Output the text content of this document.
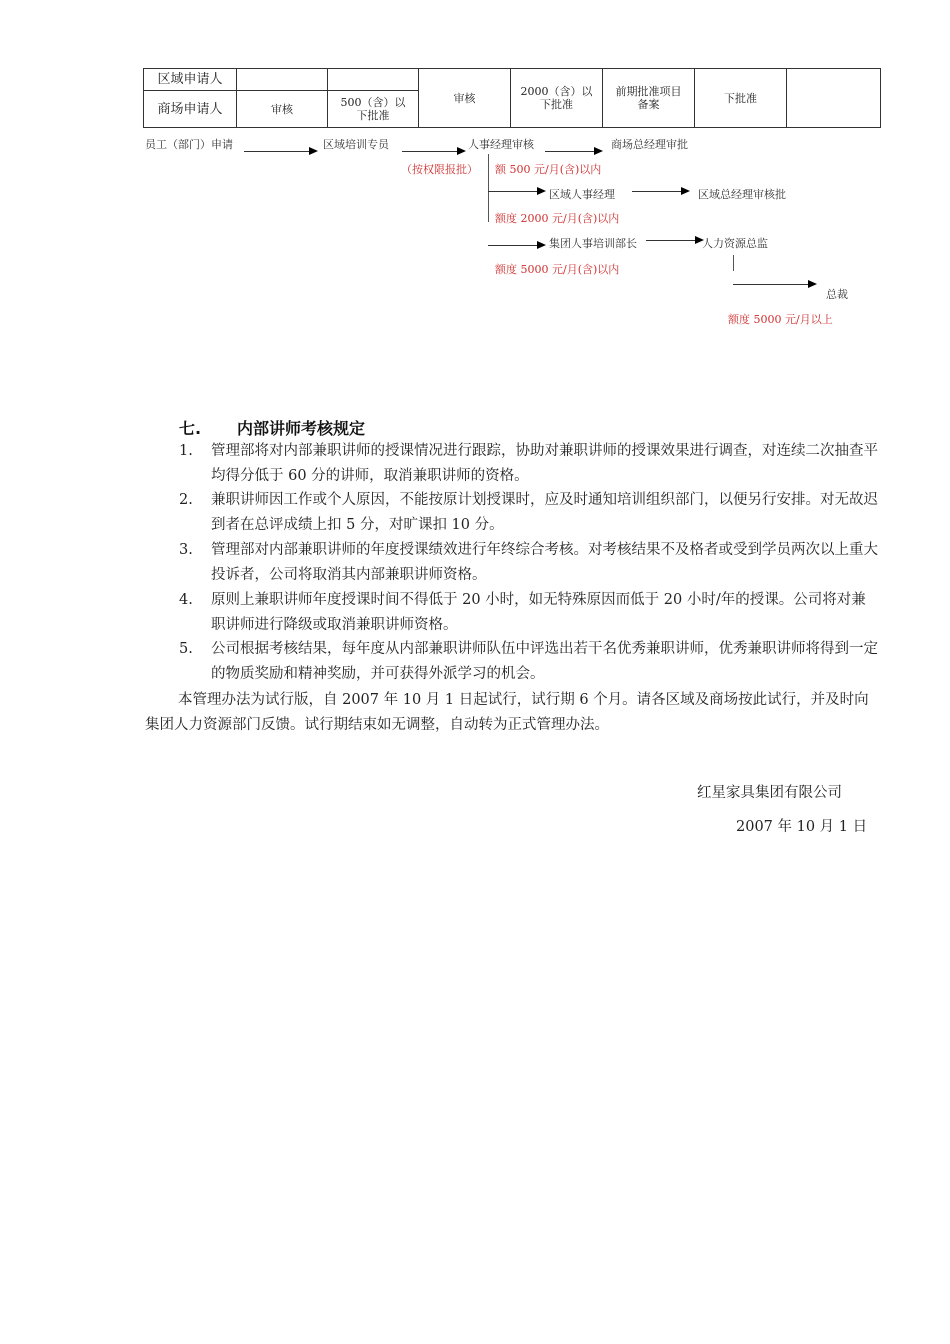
区域申请人			审核	2000（含）以下批准	前期批准项目备案	下批准	
商场申请人	审核	500（含）以下批准					
员工（部门）申请	区域培训专员
（按权限报批）
人事经理审核	商场总经理审批
额 500 元/月(含)以内
区域人事经理	区域总经理审核批
额度 2000 元/月(含)以内
集团人事培训部长	人力资源总监
额度 5000 元/月(含)以内
总裁
额度 5000 元/月以上
七. 内部讲师考核规定
1. 管理部将对内部兼职讲师的授课情况进行跟踪，协助对兼职讲师的授课效果进行调查，对连续二次抽查平均得分低于 60 分的讲师，取消兼职讲师的资格。
2. 兼职讲师因工作或个人原因，不能按原计划授课时，应及时通知培训组织部门，以便另行安排。对无故迟到者在总评成绩上扣 5 分，对旷课扣 10 分。
3. 管理部对内部兼职讲师的年度授课绩效进行年终综合考核。对考核结果不及格者或受到学员两次以上重大投诉者，公司将取消其内部兼职讲师资格。
4. 原则上兼职讲师年度授课时间不得低于 20 小时，如无特殊原因而低于 20 小时/年的授课。公司将对兼职讲师进行降级或取消兼职讲师资格。
5. 公司根据考核结果，每年度从内部兼职讲师队伍中评选出若干名优秀兼职讲师，优秀兼职讲师将得到一定的物质奖励和精神奖励，并可获得外派学习的机会。

本管理办法为试行版，自 2007 年 10 月 1 日起试行，试行期 6 个月。请各区域及商场按此试行，并及时向集团人力资源部门反馈。试行期结束如无调整，自动转为正式管理办法。

红星家具集团有限公司
2007 年 10 月 1 日
